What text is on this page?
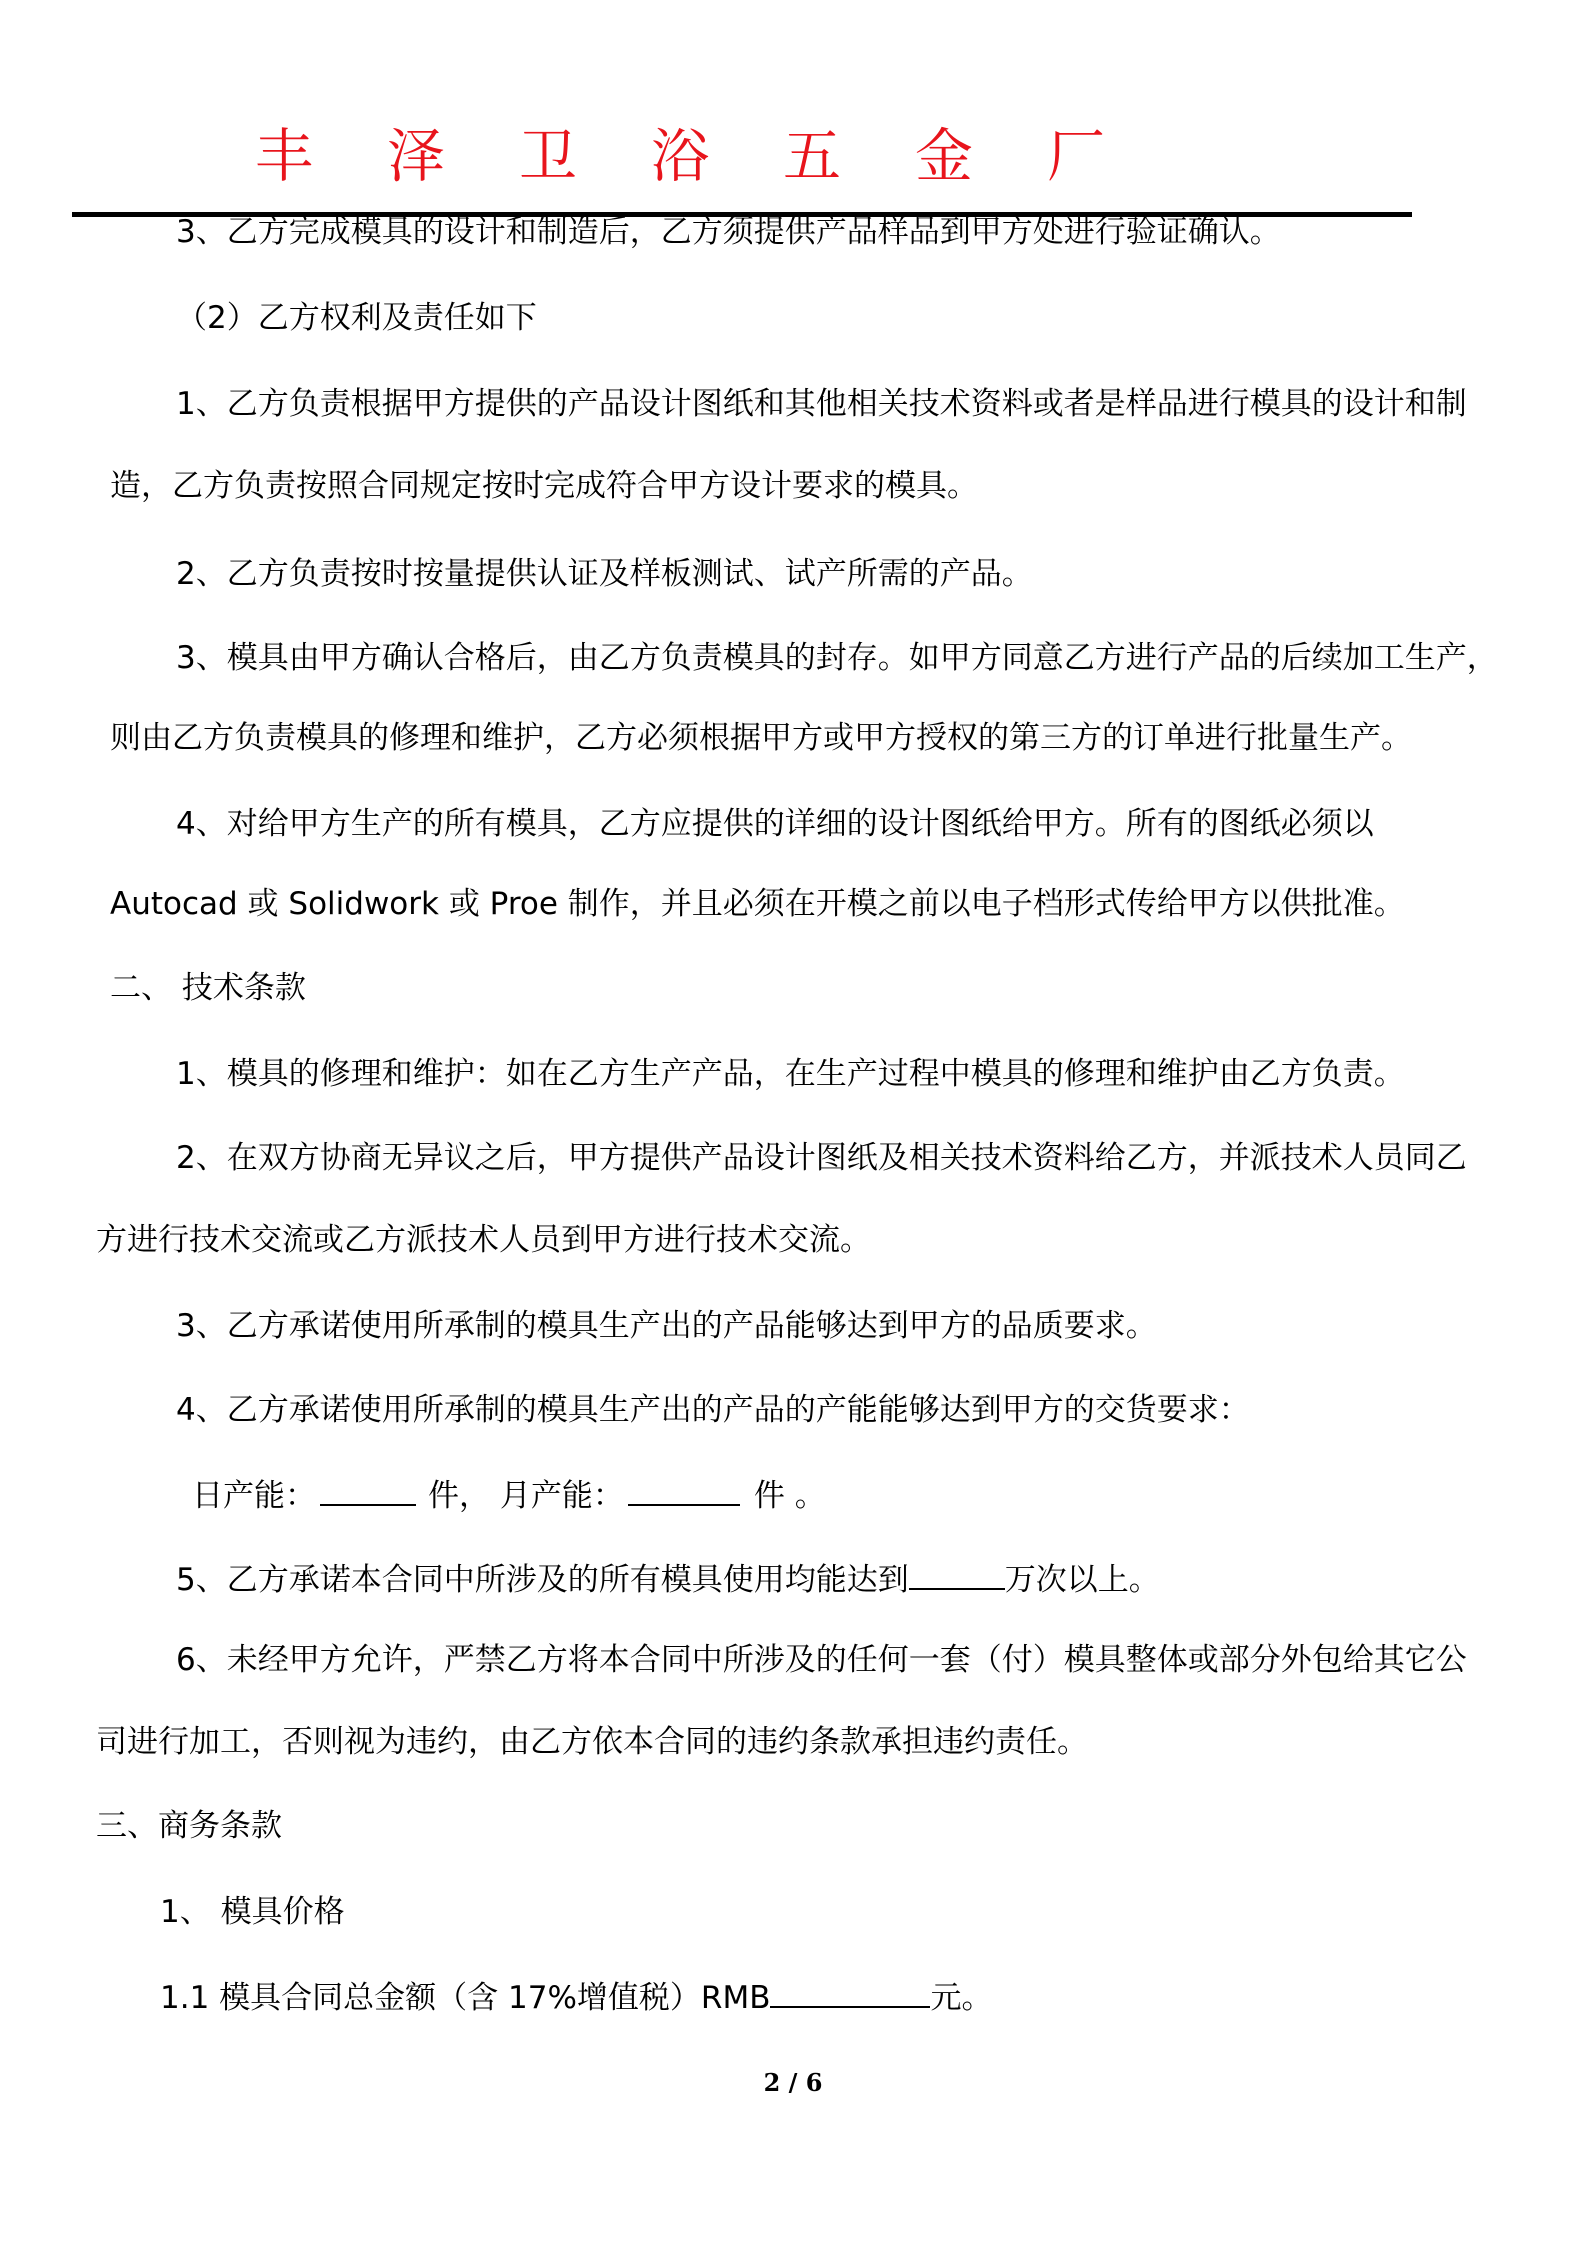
丰泽卫浴五金厂
3、乙方完成模具的设计和制造后，乙方须提供产品样品到甲方处进行验证确认。
（2）乙方权利及责任如下
1、乙方负责根据甲方提供的产品设计图纸和其他相关技术资料或者是样品进行模具的设计和制
造，乙方负责按照合同规定按时完成符合甲方设计要求的模具。
2、乙方负责按时按量提供认证及样板测试、试产所需的产品。
3、模具由甲方确认合格后，由乙方负责模具的封存。如甲方同意乙方进行产品的后续加工生产，
则由乙方负责模具的修理和维护，乙方必须根据甲方或甲方授权的第三方的订单进行批量生产。
4、对给甲方生产的所有模具，乙方应提供的详细的设计图纸给甲方。所有的图纸必须以
Autocad 或 Solidwork 或 Proe 制作，并且必须在开模之前以电子档形式传给甲方以供批准。
二、 技术条款
1、模具的修理和维护：如在乙方生产产品，在生产过程中模具的修理和维护由乙方负责。
2、在双方协商无异议之后，甲方提供产品设计图纸及相关技术资料给乙方，并派技术人员同乙
方进行技术交流或乙方派技术人员到甲方进行技术交流。
3、乙方承诺使用所承制的模具生产出的产品能够达到甲方的品质要求。
4、乙方承诺使用所承制的模具生产出的产品的产能能够达到甲方的交货要求：
日产能：	件， 月产能：	件 。
5、乙方承诺本合同中所涉及的所有模具使用均能达到	万次以上。
6、未经甲方允许，严禁乙方将本合同中所涉及的任何一套（付）模具整体或部分外包给其它公
司进行加工，否则视为违约，由乙方依本合同的违约条款承担违约责任。
三、商务条款
1、 模具价格
1.1 模具合同总金额（含 17%增值税）RMB	元。
2 / 6
